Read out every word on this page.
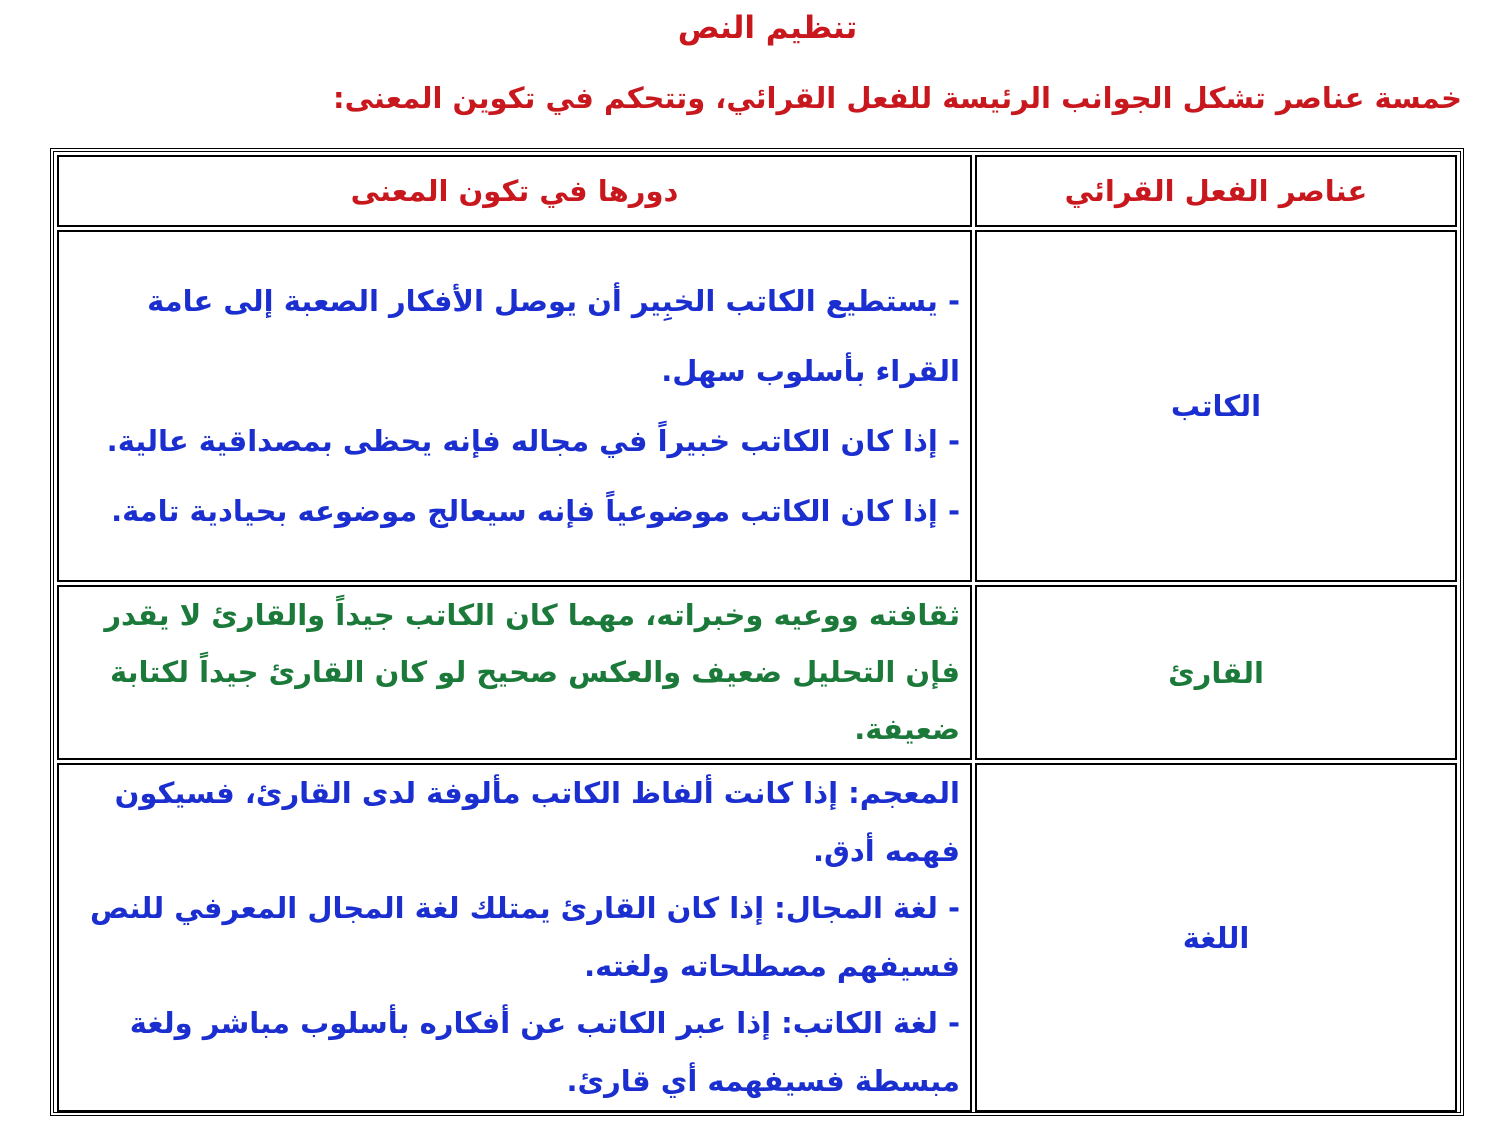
تنظيم النص

خمسة عناصر تشكل الجوانب الرئيسة للفعل القرائي، وتتحكم في تكوين المعنى:

عناصر الفعل القرائي	دورها في تكون المعنى
الكاتب	- يستطيع الكاتب الخبِير أن يوصل الأفكار الصعبة إلى عامة القراء بأسلوب سهل.

- إذا كان الكاتب خبيراً في مجاله فإنه يحظى بمصداقية عالية.

- إذا كان الكاتب موضوعياً فإنه سيعالج موضوعه بحيادية تامة.

القارئ	ثقافته ووعيه وخبراته، مهما كان الكاتب جيداً والقارئ لا يقدر فإن التحليل ضعيف والعكس صحيح لو كان القارئ جيداً لكتابة ضعيفة.

اللغة	المعجم: إذا كانت ألفاظ الكاتب مألوفة لدى القارئ، فسيكون فهمه أدق.

- لغة المجال: إذا كان القارئ يمتلك لغة المجال المعرفي للنص فسيفهم مصطلحاته ولغته.

- لغة الكاتب: إذا عبر الكاتب عن أفكاره بأسلوب مباشر ولغة مبسطة فسيفهمه أي قارئ.
